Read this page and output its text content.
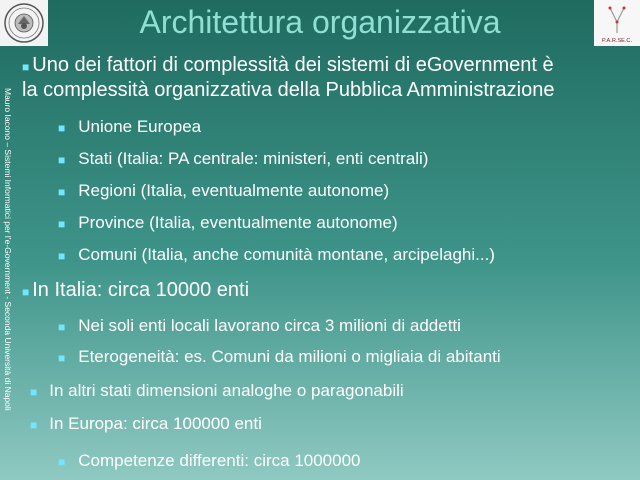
Architettura organizzativa
P.A.R.SE.C.
Mauro Iacono – Sistemi Informatici per l’e-Government - Seconda Università di Napoli
■ Uno dei fattori di complessità dei sistemi di eGovernment è
la complessità organizzativa della Pubblica Amministrazione
■ Unione Europea
■ Stati (Italia: PA centrale: ministeri, enti centrali)
■ Regioni (Italia, eventualmente autonome)
■ Province (Italia, eventualmente autonome)
■ Comuni (Italia, anche comunità montane, arcipelaghi...)
■ In Italia: circa 10000 enti
■ Nei soli enti locali lavorano circa 3 milioni di addetti
■ Eterogeneità: es. Comuni da milioni o migliaia di abitanti
■ In altri stati dimensioni analoghe o paragonabili
■ In Europa: circa 100000 enti
■ Competenze differenti: circa 1000000
